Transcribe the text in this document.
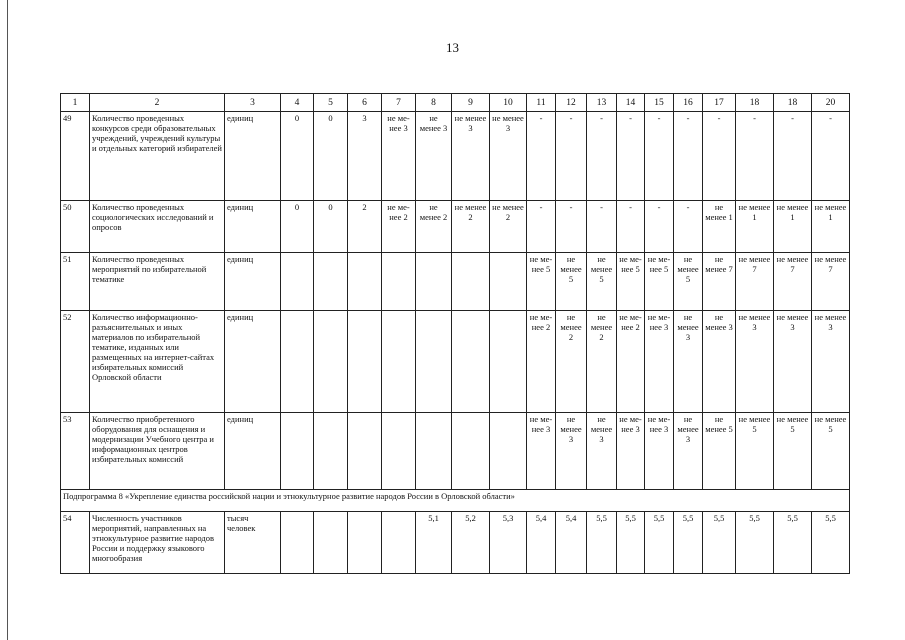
13
1	2	3	4	5	6	7	8	9	10	11	12	13	14	15	16	17	18	18	20
49	Количество проведенных конкурсов среди образовательных учреждений, учреждений культуры и отдельных категорий избирателей	единиц	0	0	3	не ме-нее 3	не менее 3	не менее 3	не менее 3	-	-	-	-	-	-	-	-	-	-
50	Количество проведенных социологических исследований и опросов	единиц	0	0	2	не ме-нее 2	не менее 2	не менее 2	не менее 2	-	-	-	-	-	-	не менее 1	не менее 1	не менее 1	не менее 1
51	Количество проведенных мероприятий по избирательной тематике	единиц								не ме-нее 5	не менее 5	не менее 5	не ме-нее 5	не ме-нее 5	не менее 5	не менее 7	не менее 7	не менее 7	не менее 7
52	Количество информационно-разъяснительных и иных материалов по избирательной тематике, изданных или размещенных на интернет-сайтах избирательных комиссий Орловской области	единиц								не ме-нее 2	не менее 2	не менее 2	не ме-нее 2	не ме-нее 3	не менее 3	не менее 3	не менее 3	не менее 3	не менее 3
53	Количество приобретенного оборудования для оснащения и модернизации Учебного центра и информационных центров избирательных комиссий	единиц								не ме-нее 3	не менее 3	не менее 3	не ме-нее 3	не ме-нее 3	не менее 3	не менее 5	не менее 5	не менее 5	не менее 5
Подпрограмма 8 «Укрепление единства российской нации и этнокультурное развитие народов России в Орловской области»																			
54	Численность участников мероприятий, направленных на этнокультурное развитие народов России и поддержку языкового многообразия	тысяч человек					5,1	5,2	5,3	5,4	5,4	5,5	5,5	5,5	5,5	5,5	5,5	5,5	5,5
